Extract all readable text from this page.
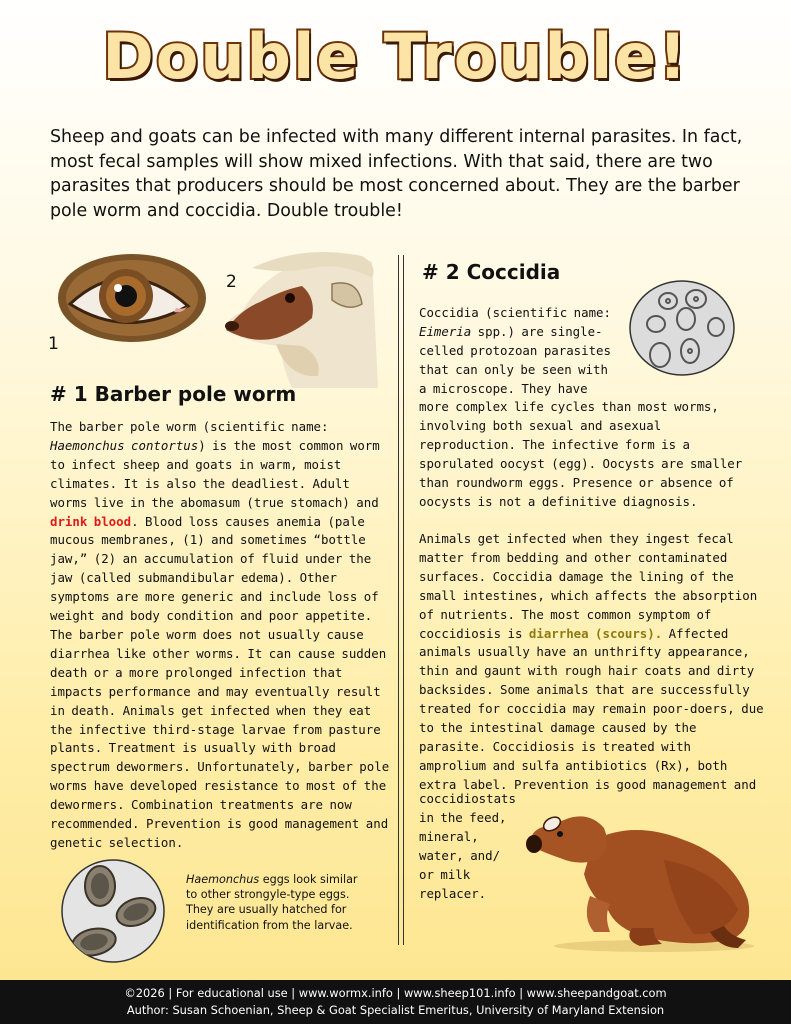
Double Trouble!
Sheep and goats can be infected with many different internal parasites. In fact, most fecal samples will show mixed infections. With that said, there are two parasites that producers should be most concerned about. They are the barber pole worm and coccidia. Double trouble!
1
2
# 1 Barber pole worm
The barber pole worm (scientific name: Haemonchus contortus) is the most common worm to infect sheep and goats in warm, moist climates. It is also the deadliest. Adult worms live in the abomasum (true stomach) and drink blood. Blood loss causes anemia (pale mucous membranes, (1) and sometimes “bottle jaw,” (2) an accumulation of fluid under the jaw (called submandibular edema). Other symptoms are more generic and include loss of weight and body condition and poor appetite. The barber pole worm does not usually cause diarrhea like other worms. It can cause sudden death or a more prolonged infection that impacts performance and may eventually result in death. Animals get infected when they eat the infective third-stage larvae from pasture plants. Treatment is usually with broad spectrum dewormers. Unfortunately, barber pole worms have developed resistance to most of the dewormers. Combination treatments are now recommended. Prevention is good management and genetic selection.
Haemonchus eggs look similar to other strongyle-type eggs. They are usually hatched for identification from the larvae.
# 2 Coccidia
Coccidia (scientific name: Eimeria spp.) are single-celled protozoan parasites that can only be seen with a microscope. They have
more complex life cycles than most worms, involving both sexual and asexual reproduction. The infective form is a sporulated oocyst (egg). Oocysts are smaller than roundworm eggs. Presence or absence of oocysts is not a definitive diagnosis.
Animals get infected when they ingest fecal matter from bedding and other contaminated surfaces. Coccidia damage the lining of the small intestines, which affects the absorption of nutrients. The most common symptom of coccidiosis is diarrhea (scours). Affected animals usually have an unthrifty appearance, thin and gaunt with rough hair coats and dirty backsides. Some animals that are successfully treated for coccidia may remain poor-doers, due to the intestinal damage caused by the parasite. Coccidiosis is treated with amprolium and sulfa antibiotics (Rx), both extra label. Prevention is good management and
coccidiostats
in the feed,
mineral,
water, and/
or milk
replacer.
©2026 | For educational use | www.wormx.info | www.sheep101.info | www.sheepandgoat.com
Author: Susan Schoenian, Sheep & Goat Specialist Emeritus, University of Maryland Extension
